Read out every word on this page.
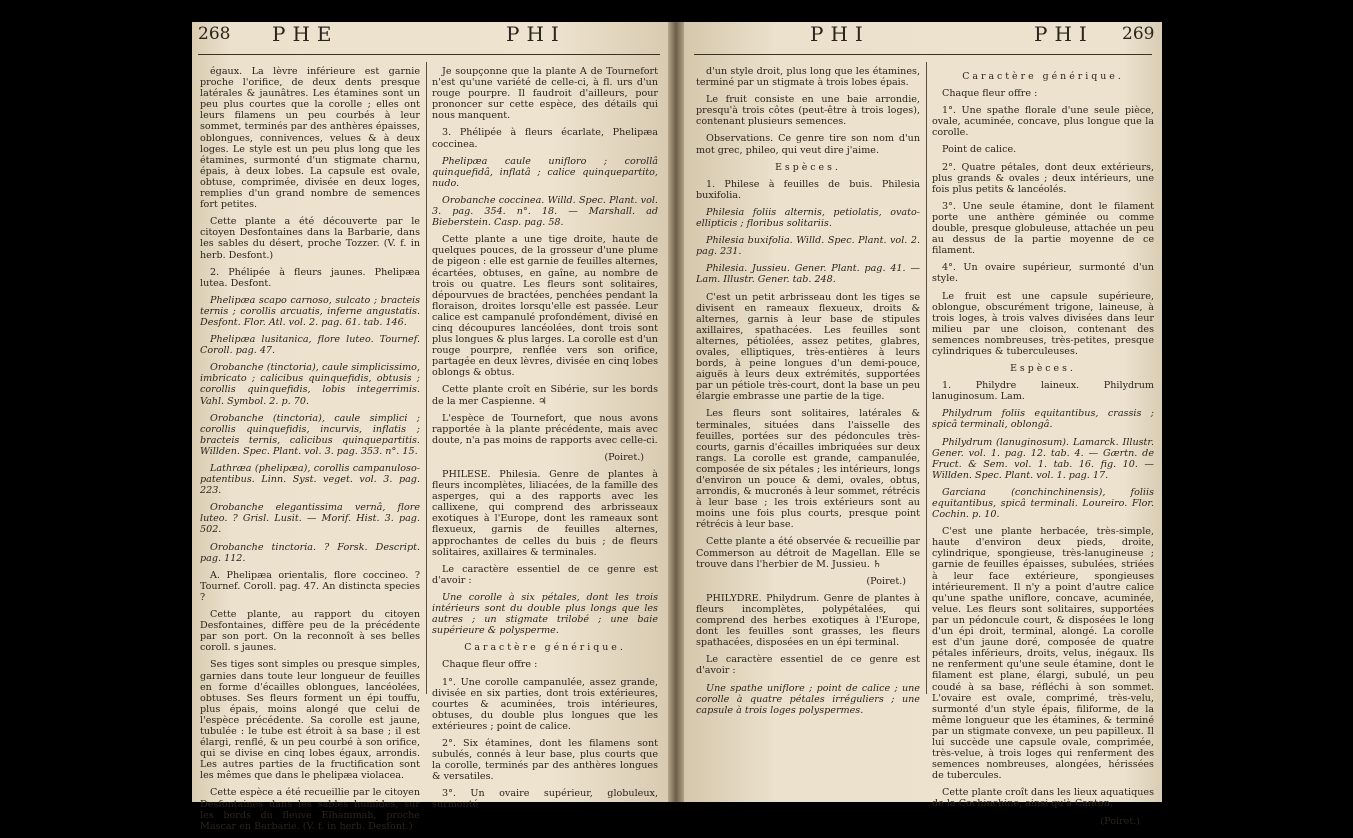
268 PHE	PHI	PHI	PHI 269

égaux. La lèvre inférieure est garnie proche l'orifice, de deux dents presque latérales & jaunâtres. Les étamines sont un peu plus courtes que la corolle ; elles ont leurs filamens un peu courbés à leur sommet, terminés par des anthères épaisses, oblongues, connivences, velues & à deux loges. Le style est un peu plus long que les étamines, surmonté d'un stigmate charnu, épais, à deux lobes. La capsule est ovale, obtuse, comprimée, divisée en deux loges, remplies d'un grand nombre de semences fort petites.

Cette plante a été découverte par le citoyen Desfontaines dans la Barbarie, dans les sables du désert, proche Tozzer. (V. f. in herb. Desfont.)

2. Phélipée à fleurs jaunes. Phelipæa lutea. Desfont.

Phelipæa scapo carnoso, sulcato ; bracteis ternis ; corollis arcuatis, inferne angustatis. Desfont. Flor. Atl. vol. 2. pag. 61. tab. 146.

Phelipæa lusitanica, flore luteo. Tournef. Coroll. pag. 47.

Orobanche (tinctoria), caule simplicissimo, imbricato ; calicibus quinquefidis, obtusis ; corollis quinquefidis, lobis integerrimis. Vahl. Symbol. 2. p. 70.

Orobanche (tinctoria), caule simplici ; corollis quinquefidis, incurvis, inflatis ; bracteis ternis, calicibus quinquepartitis. Willden. Spec. Plant. vol. 3. pag. 353. n°. 15.

Lathræa (phelipæa), corollis campanuloso-patentibus. Linn. Syst. veget. vol. 3. pag. 223.

Orobanche elegantissima vernâ, flore luteo. ? Grisl. Lusit. — Morif. Hist. 3. pag. 502.

Orobanche tinctoria. ? Forsk. Descript. pag. 112.

A. Phelipæa orientalis, flore coccineo. ? Tournef. Coroll. pag. 47. An distincta species ?

Cette plante, au rapport du citoyen Desfontaines, diffère peu de la précédente par son port. On la reconnoît à ses belles coroll. s jaunes.

Ses tiges sont simples ou presque simples, garnies dans toute leur longueur de feuilles en forme d'écailles oblongues, lancéolées, obtuses. Ses fleurs forment un épi touffu, plus épais, moins alongé que celui de l'espèce précédente. Sa corolle est jaune, tubulée : le tube est étroit à sa base ; il est élargi, renflé, & un peu courbé à son orifice, qui se divise en cinq lobes égaux, arrondis. Les autres parties de la fructification sont les mêmes que dans le phelipæa violacea.

Cette espèce a été recueillie par le citoyen Desfontaines dans les sables humides, sur les bords du fleuve Elhammah, proche Mascar en Barbarie. (V. f. in herb. Desfont.)

Je soupçonne que la plante A de Tournefort n'est qu'une variété de celle-ci, à fl. urs d'un rouge pourpre. Il faudroit d'ailleurs, pour prononcer sur cette espèce, des détails qui nous manquent.

3. Phélipée à fleurs écarlate, Phelipæa coccinea.

Phelipæa caule unifloro ; corollâ quinquefidâ, inflatâ ; calice quinquepartito, nudo.

Orobanche coccinea. Willd. Spec. Plant. vol. 3. pag. 354. n°. 18. — Marshall. ad Bieberstein. Casp. pag. 58.

Cette plante a une tige droite, haute de quelques pouces, de la grosseur d'une plume de pigeon : elle est garnie de feuilles alternes, écartées, obtuses, en gaîne, au nombre de trois ou quatre. Les fleurs sont solitaires, dépourvues de bractées, penchées pendant la floraison, droites lorsqu'elle est passée. Leur calice est campanulé profondément, divisé en cinq découpures lancéolées, dont trois sont plus longues & plus larges. La corolle est d'un rouge pourpre, renflée vers son orifice, partagée en deux lèvres, divisée en cinq lobes oblongs & obtus.

Cette plante croît en Sibérie, sur les bords de la mer Caspienne. ♃

L'espèce de Tournefort, que nous avons rapportée à la plante précédente, mais avec doute, n'a pas moins de rapports avec celle-ci.

(Poiret.)

PHILESE. Philesia. Genre de plantes à fleurs incomplètes, liliacées, de la famille des asperges, qui a des rapports avec les callixene, qui comprend des arbrisseaux exotiques à l'Europe, dont les rameaux sont flexueux, garnis de feuilles alternes, approchantes de celles du buis ; de fleurs solitaires, axillaires & terminales.

Le caractère essentiel de ce genre est d'avoir :

Une corolle à six pétales, dont les trois intérieurs sont du double plus longs que les autres ; un stigmate trilobé ; une baie supérieure & polysperme.

Caractère générique.

Chaque fleur offre :

1°. Une corolle campanulée, assez grande, divisée en six parties, dont trois extérieures, courtes & acuminées, trois intérieures, obtuses, du double plus longues que les extérieures ; point de calice.

2°. Six étamines, dont les filamens sont subulés, connés à leur base, plus courts que la corolle, terminés par des anthères longues & versatiles.

3°. Un ovaire supérieur, globuleux, surmonté

d'un style droit, plus long que les étamines, terminé par un stigmate à trois lobes épais.

Le fruit consiste en une baie arrondie, presqu'à trois côtes (peut-être à trois loges), contenant plusieurs semences.

Observations. Ce genre tire son nom d'un mot grec, phileo, qui veut dire j'aime.

Espèces.

1. Philese à feuilles de buis. Philesia buxifolia.

Philesia foliis alternis, petiolatis, ovato-ellipticis ; floribus solitariis.

Philesia buxifolia. Willd. Spec. Plant. vol. 2. pag. 231.

Philesia. Jussieu. Gener. Plant. pag. 41. — Lam. Illustr. Gener. tab. 248.

C'est un petit arbrisseau dont les tiges se divisent en rameaux flexueux, droits & alternes, garnis à leur base de stipules axillaires, spathacées. Les feuilles sont alternes, pétiolées, assez petites, glabres, ovales, elliptiques, très-entières à leurs bords, à peine longues d'un demi-pouce, aiguës à leurs deux extrémités, supportées par un pétiole très-court, dont la base un peu élargie embrasse une partie de la tige.

Les fleurs sont solitaires, latérales & terminales, situées dans l'aisselle des feuilles, portées sur des pédoncules très-courts, garnis d'écailles imbriquées sur deux rangs. La corolle est grande, campanulée, composée de six pétales ; les intérieurs, longs d'environ un pouce & demi, ovales, obtus, arrondis, & mucronés à leur sommet, rétrécis à leur base ; les trois extérieurs sont au moins une fois plus courts, presque point rétrécis à leur base.

Cette plante a été observée & recueillie par Commerson au détroit de Magellan. Elle se trouve dans l'herbier de M. Jussieu. ♄

(Poiret.)

PHILYDRE. Philydrum. Genre de plantes à fleurs incomplètes, polypétalées, qui comprend des herbes exotiques à l'Europe, dont les feuilles sont grasses, les fleurs spathacées, disposées en un épi terminal.

Le caractère essentiel de ce genre est d'avoir :

Une spathe uniflore ; point de calice ; une corolle à quatre pétales irréguliers ; une capsule à trois loges polyspermes.

Caractère générique.

Chaque fleur offre :

1°. Une spathe florale d'une seule pièce, ovale, acuminée, concave, plus longue que la corolle.

Point de calice.

2°. Quatre pétales, dont deux extérieurs, plus grands & ovales ; deux intérieurs, une fois plus petits & lancéolés.

3°. Une seule étamine, dont le filament porte une anthère géminée ou comme double, presque globuleuse, attachée un peu au dessus de la partie moyenne de ce filament.

4°. Un ovaire supérieur, surmonté d'un style.

Le fruit est une capsule supérieure, oblongue, obscurément trigone, laineuse, à trois loges, à trois valves divisées dans leur milieu par une cloison, contenant des semences nombreuses, très-petites, presque cylindriques & tuberculeuses.

Espèces.

1. Philydre laineux. Philydrum lanuginosum. Lam.

Philydrum foliis equitantibus, crassis ; spicâ terminali, oblongâ.

Philydrum (lanuginosum). Lamarck. Illustr. Gener. vol. 1. pag. 12. tab. 4. — Gærtn. de Fruct. & Sem. vol. 1. tab. 16. fig. 10. — Willden. Spec. Plant. vol. 1. pag. 17.

Garciana (conchinchinensis), foliis equitantibus, spicâ terminali. Loureiro. Flor. Cochin. p. 10.

C'est une plante herbacée, très-simple, haute d'environ deux pieds, droite, cylindrique, spongieuse, très-lanugineuse ; garnie de feuilles épaisses, subulées, striées à leur face extérieure, spongieuses intérieurement. Il n'y a point d'autre calice qu'une spathe uniflore, concave, acuminée, velue. Les fleurs sont solitaires, supportées par un pédoncule court, & disposées le long d'un épi droit, terminal, alongé. La corolle est d'un jaune doré, composée de quatre pétales inférieurs, droits, velus, inégaux. Ils ne renferment qu'une seule étamine, dont le filament est plane, élargi, subulé, un peu coudé à sa base, réfléchi à son sommet. L'ovaire est ovale, comprimé, très-velu, surmonté d'un style épais, filiforme, de la même longueur que les étamines, & terminé par un stigmate convexe, un peu papilleux. Il lui succède une capsule ovale, comprimée, très-velue, à trois loges qui renferment des semences nombreuses, alongées, hérissées de tubercules.

Cette plante croît dans les lieux aquatiques de la Cochinchine, ainsi qu'à Canton.

(Poiret.)
